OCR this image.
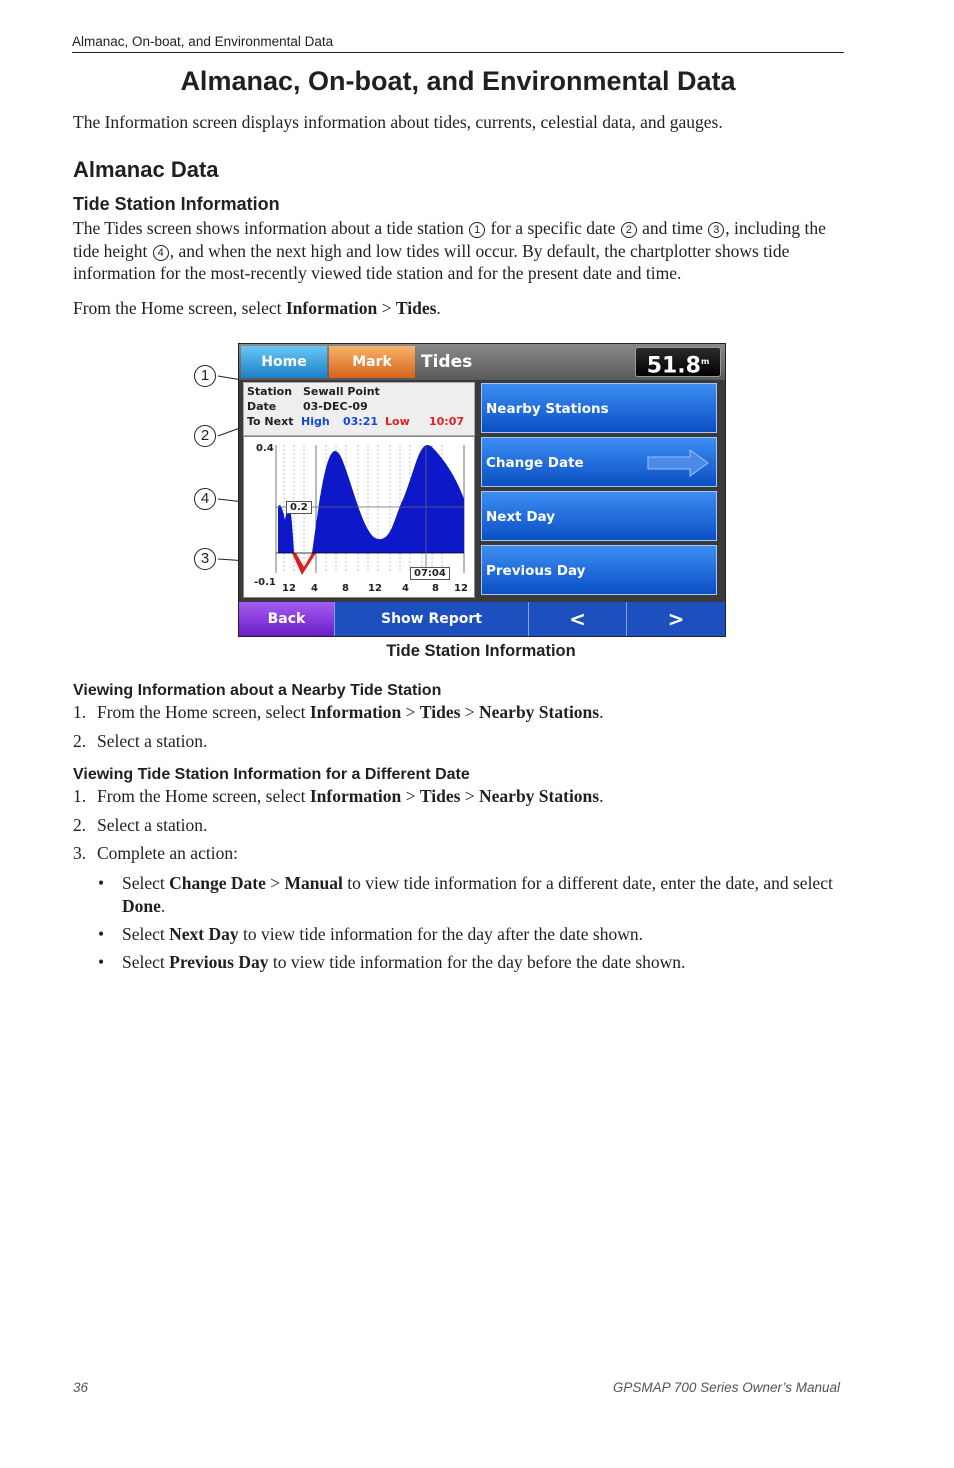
Almanac, On-boat, and Environmental Data
Almanac, On-boat, and Environmental Data

The Information screen displays information about tides, currents, celestial data, and gauges.

Almanac Data
Tide Station Information

The Tides screen shows information about a tide station 1 for a specific date 2 and time 3 , including the tide height 4 , and when the next high and low tides will occur. By default, the chartplotter shows tide information for the most-recently viewed tide station and for the present date and time.

From the Home screen, select Information > Tides.

1
2
4
3
Home	Mark	Tides	51.8$^m$
Station Sewall Point
Date 03-DEC-09
To Next High 03:21 Low 10:07
0.4
-0.1
0.2
07:04
12 4 8 12 4 8 12
Nearby Stations
Change Date
Next Day
Previous Day
Back	Show Report	<	>
Tide Station Information
Viewing Information about a Nearby Tide Station
1. From the Home screen, select Information > Tides > Nearby Stations.
2. Select a station.
Viewing Tide Station Information for a Different Date
1. From the Home screen, select Information > Tides > Nearby Stations.
2. Select a station.
3. Complete an action:
• Select Change Date > Manual to view tide information for a different date, enter the date, and select Done.
• Select Next Day to view tide information for the day after the date shown.
• Select Previous Day to view tide information for the day before the date shown.
36	GPSMAP 700 Series Owner’s Manual
